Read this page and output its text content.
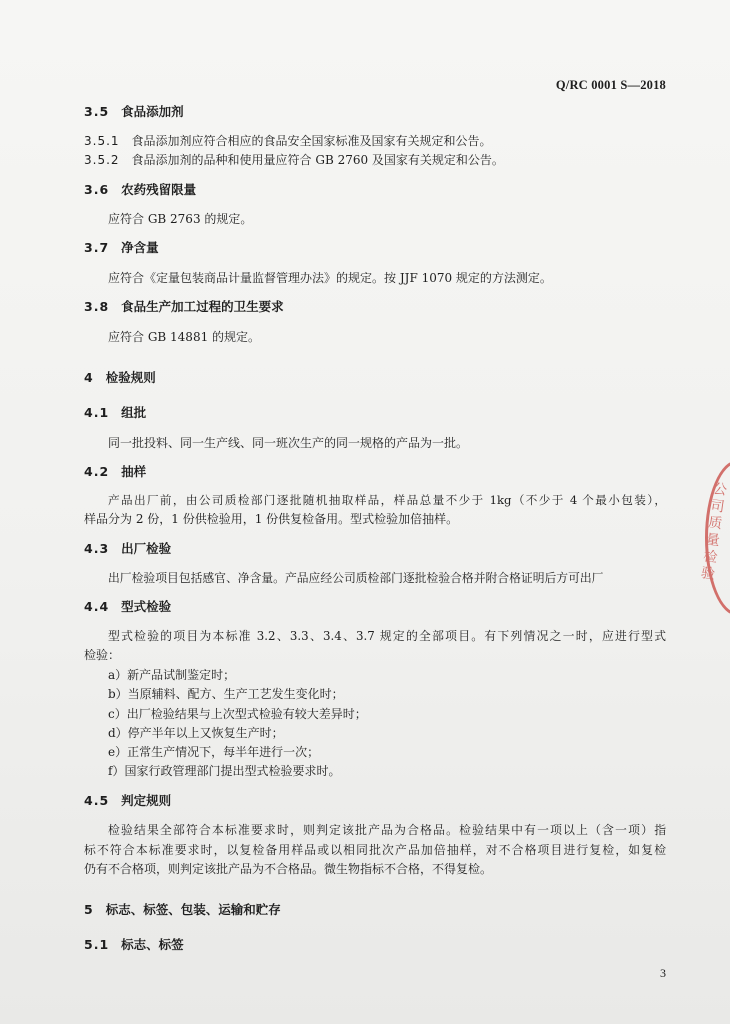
Q/RC 0001 S—2018
3.5 食品添加剂
3.5.1 食品添加剂应符合相应的食品安全国家标准及国家有关规定和公告。
3.5.2 食品添加剂的品种和使用量应符合 GB 2760 及国家有关规定和公告。
3.6 农药残留限量
应符合 GB 2763 的规定。
3.7 净含量
应符合《定量包装商品计量监督管理办法》的规定。按 JJF 1070 规定的方法测定。
3.8 食品生产加工过程的卫生要求
应符合 GB 14881 的规定。
4 检验规则
4.1 组批
同一批投料、同一生产线、同一班次生产的同一规格的产品为一批。
4.2 抽样
产品出厂前，由公司质检部门逐批随机抽取样品，样品总量不少于 1kg（不少于 4 个最小包装），
样品分为 2 份，1 份供检验用，1 份供复检备用。型式检验加倍抽样。
4.3 出厂检验
出厂检验项目包括感官、净含量。产品应经公司质检部门逐批检验合格并附合格证明后方可出厂
4.4 型式检验
型式检验的项目为本标准 3.2、3.3、3.4、3.7 规定的全部项目。有下列情况之一时，应进行型式
检验：
a）新产品试制鉴定时；
b）当原辅料、配方、生产工艺发生变化时；
c）出厂检验结果与上次型式检验有较大差异时；
d）停产半年以上又恢复生产时；
e）正常生产情况下，每半年进行一次；
f）国家行政管理部门提出型式检验要求时。
4.5 判定规则
检验结果全部符合本标准要求时，则判定该批产品为合格品。检验结果中有一项以上（含一项）指
标不符合本标准要求时，以复检备用样品或以相同批次产品加倍抽样，对不合格项目进行复检，如复检
仍有不合格项，则判定该批产品为不合格品。微生物指标不合格，不得复检。
5 标志、标签、包装、运输和贮存
5.1 标志、标签
3
公司质量检验
